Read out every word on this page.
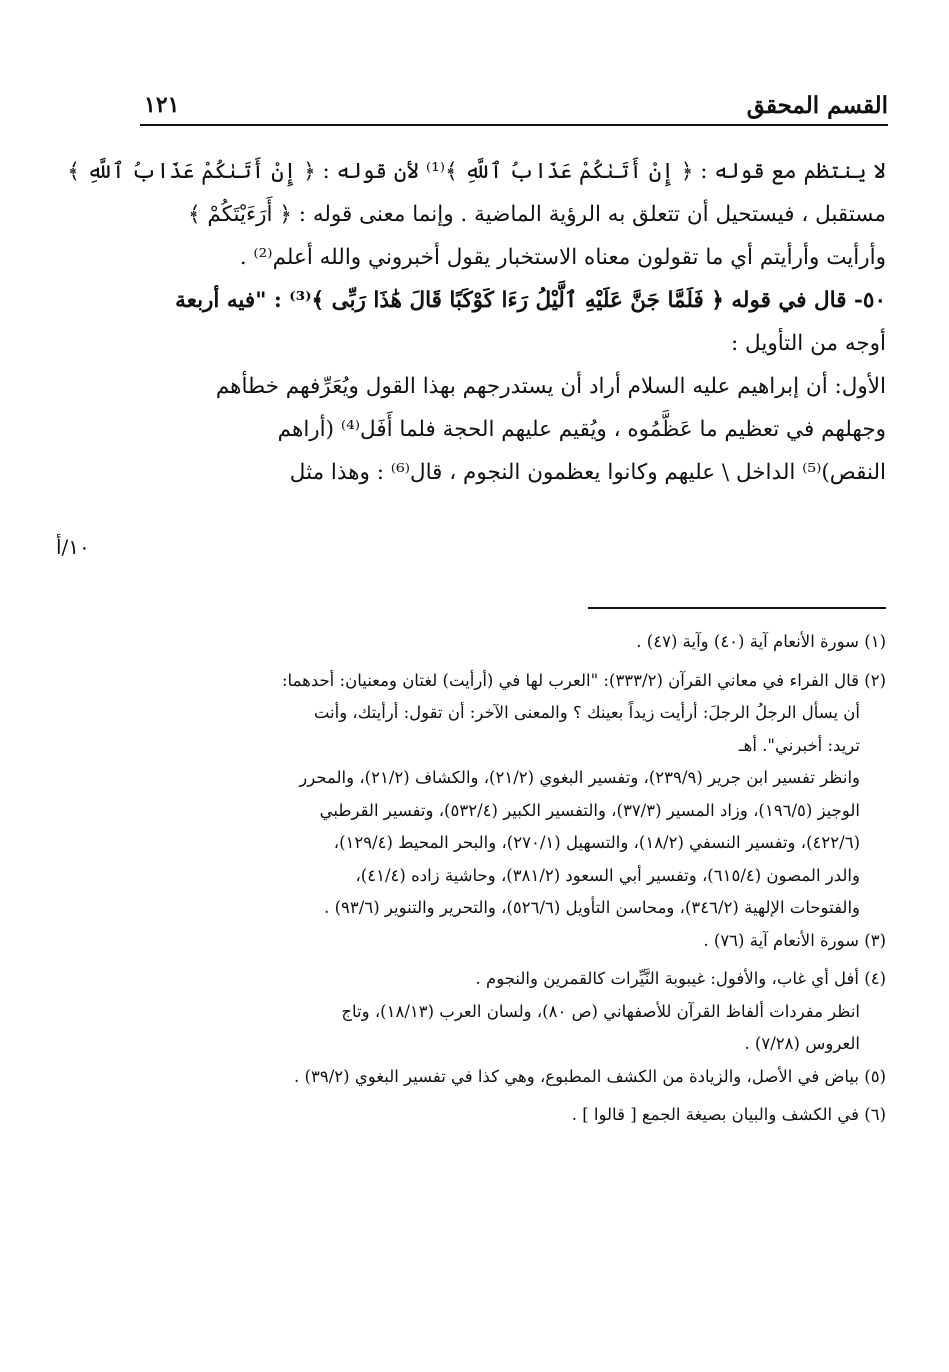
القسم المحقق
١٢١

لا ينتظم مع قوله : ﴿ إِنْ أَتَىٰكُمْ عَذَابُ ٱللَّهِ ﴾⁽¹⁾ لأن قوله : ﴿ إِنْ أَتَىٰكُمْ عَذَابُ ٱللَّهِ ﴾

مستقبل ، فيستحيل أن تتعلق به الرؤية الماضية . وإنما معنى قوله : ﴿ أَرَءَيْتَكُمْ ﴾

وأرأيت وأرأيتم أي ما تقولون معناه الاستخبار يقول أخبروني والله أعلم⁽²⁾ .

٥٠- قال في قوله ﴿ فَلَمَّا جَنَّ عَلَيْهِ ٱلَّيْلُ رَءَا كَوْكَبًا قَالَ هَٰذَا رَبِّى ﴾⁽³⁾ : "فيه أربعة

أوجه من التأويل :

الأول: أن إبراهيم عليه السلام أراد أن يستدرجهم بهذا القول ويُعَرِّفهم خطأهم

وجهلهم في تعظيم ما عَظَّمُوه ، ويُقيم عليهم الحجة فلما أَفَل⁽⁴⁾ (أراهم

النقص)⁽⁵⁾ الداخل \ عليهم وكانوا يعظمون النجوم ، قال⁽⁶⁾ : وهذا مثل

١٠/أ

(١) سورة الأنعام آية (٤٠) وآية (٤٧) .

(٢) قال الفراء في معاني القرآن (٣٣٣/٢): "العرب لها في (أرأيت) لغتان ومعنيان: أحدهما:

أن يسأل الرجلُ الرجلَ: أرأيت زيداً بعينك ؟ والمعنى الآخر: أن تقول: أرأيتك، وأنت

تريد: أخبرني". أهـ

وانظر تفسير ابن جرير (٢٣٩/٩)، وتفسير البغوي (٢١/٢)، والكشاف (٢١/٢)، والمحرر

الوجيز (١٩٦/٥)، وزاد المسير (٣٧/٣)، والتفسير الكبير (٥٣٢/٤)، وتفسير القرطبي

(٤٢٢/٦)، وتفسير النسفي (١٨/٢)، والتسهيل (٢٧٠/١)، والبحر المحيط (١٢٩/٤)،

والدر المصون (٦١٥/٤)، وتفسير أبي السعود (٣٨١/٢)، وحاشية زاده (٤١/٤)،

والفتوحات الإلهية (٣٤٦/٢)، ومحاسن التأويل (٥٢٦/٦)، والتحرير والتنوير (٩٣/٦) .

(٣) سورة الأنعام آية (٧٦) .

(٤) أفل أي غاب، والأفول: غيبوبة النَّيِّرات كالقمرين والنجوم .

انظر مفردات ألفاظ القرآن للأصفهاني (ص ٨٠)، ولسان العرب (١٨/١٣)، وتاج

العروس (٧/٢٨) .

(٥) بياض في الأصل، والزيادة من الكشف المطبوع، وهي كذا في تفسير البغوي (٣٩/٢) .

(٦) في الكشف والبيان بصيغة الجمع [ قالوا ] .
